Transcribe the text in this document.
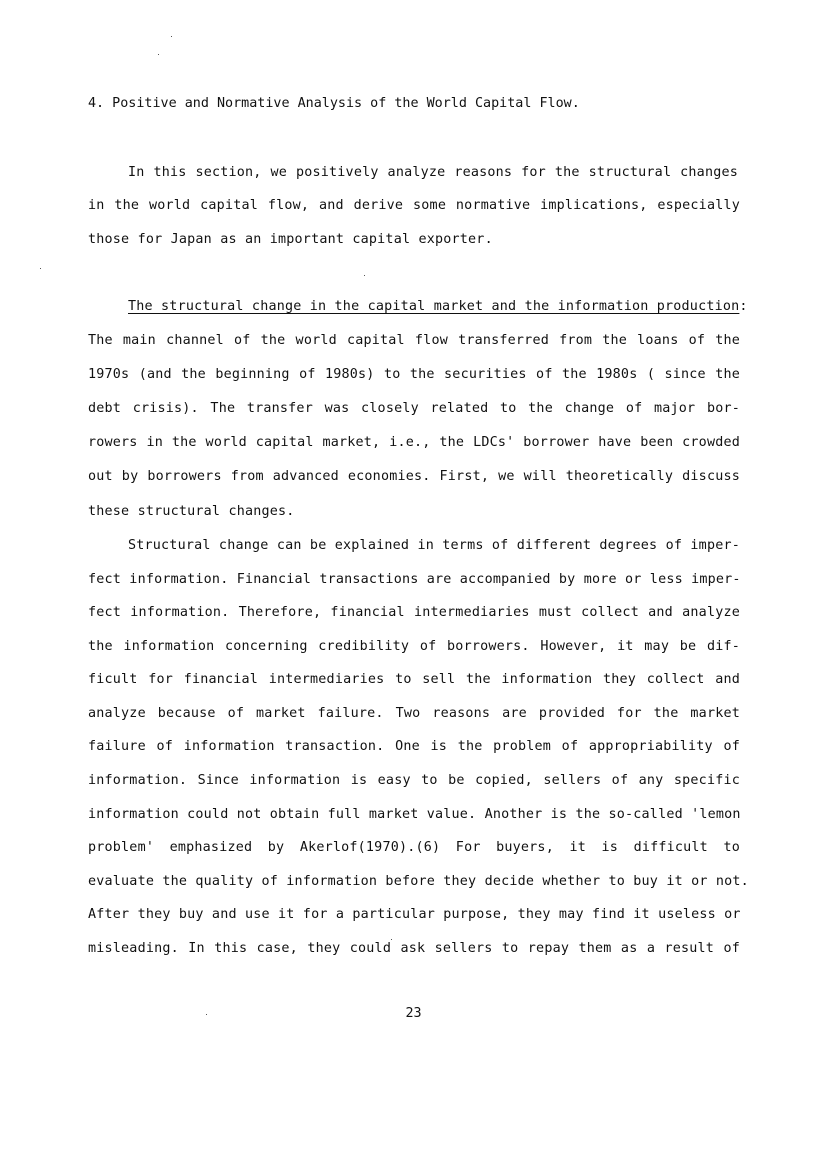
4. Positive and Normative Analysis of the World Capital Flow.
In this section, we positively analyze reasons for the structural changes
in the world capital flow, and derive some normative implications, especially
those for Japan as an important capital exporter.
The structural change in the capital market and the information production:
The main channel of the world capital flow transferred from the loans of the
1970s (and the beginning of 1980s) to the securities of the 1980s ( since the
debt crisis). The transfer was closely related to the change of major bor-
rowers in the world capital market, i.e., the LDCs' borrower have been crowded
out by borrowers from advanced economies. First, we will theoretically discuss
these structural changes.
Structural change can be explained in terms of different degrees of imper-
fect information. Financial transactions are accompanied by more or less imper-
fect information. Therefore, financial intermediaries must collect and analyze
the information concerning credibility of borrowers. However, it may be dif-
ficult for financial intermediaries to sell the information they collect and
analyze because of market failure. Two reasons are provided for the market
failure of information transaction. One is the problem of appropriability of
information. Since information is easy to be copied, sellers of any specific
information could not obtain full market value. Another is the so-called 'lemon
problem' emphasized by Akerlof(1970).(6) For buyers, it is difficult to
evaluate the quality of information before they decide whether to buy it or not.
After they buy and use it for a particular purpose, they may find it useless or
misleading. In this case, they could ask sellers to repay them as a result of
23
